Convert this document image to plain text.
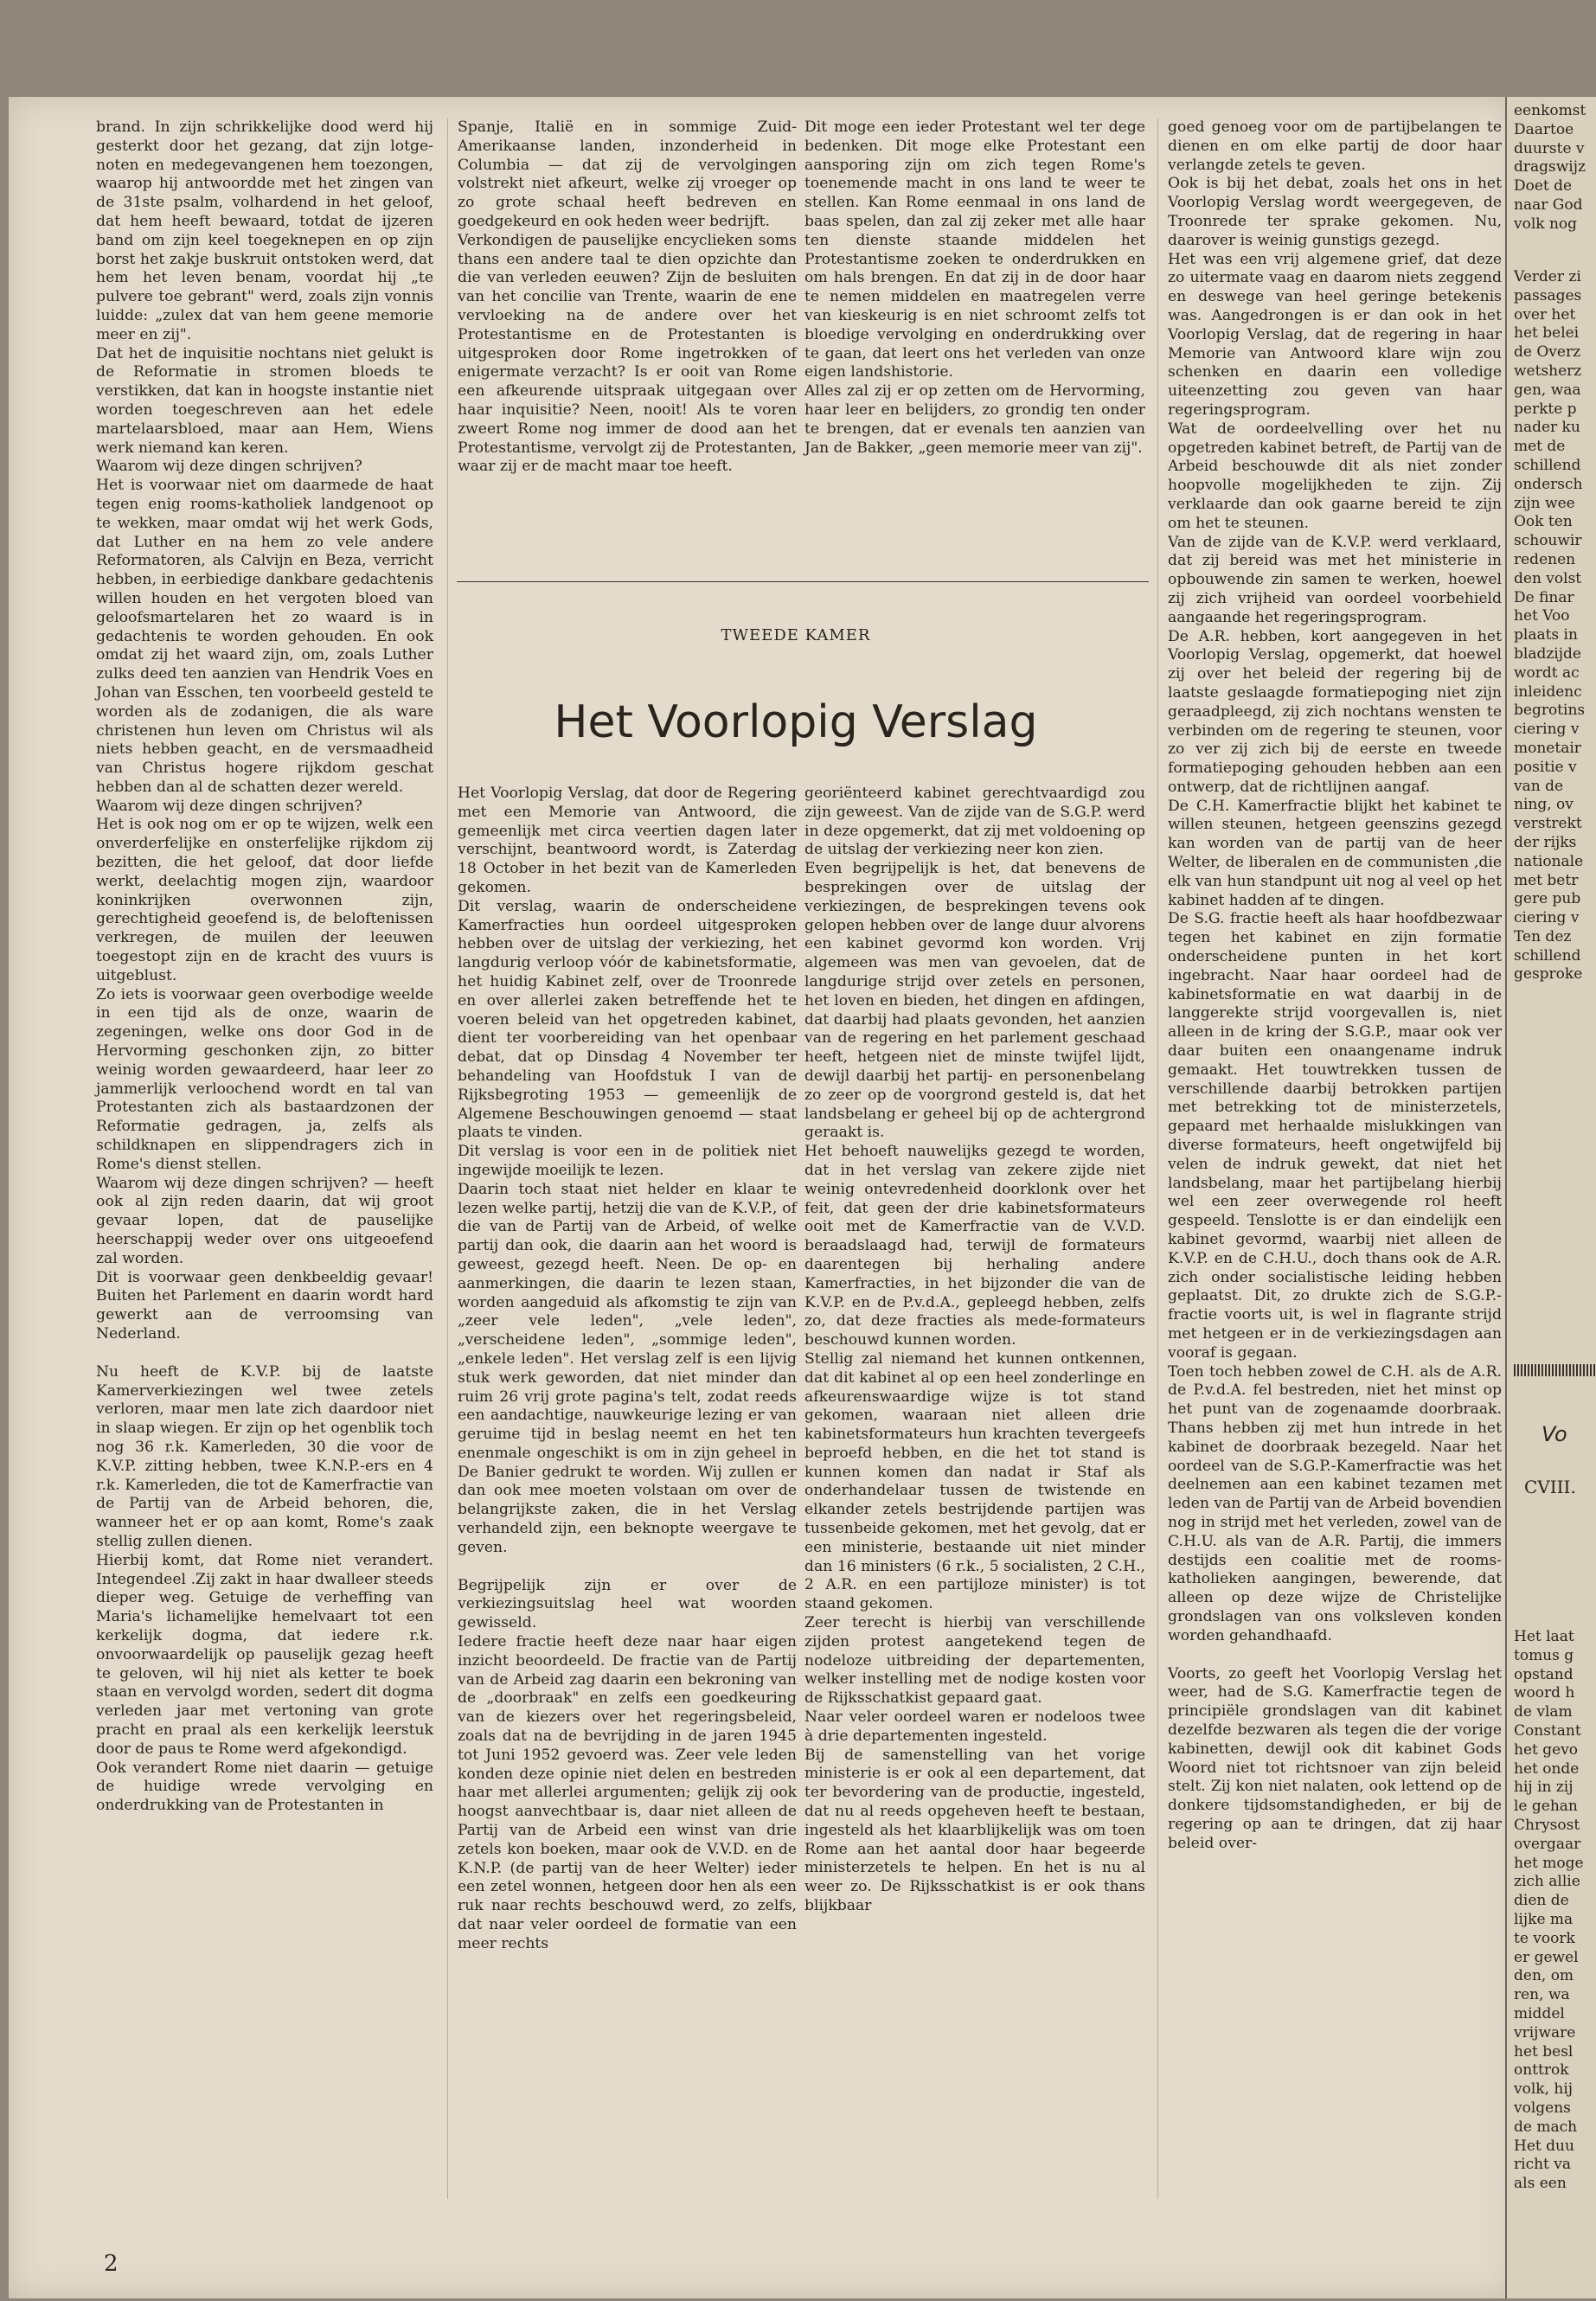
brand. In zijn schrikkelijke dood werd hij gesterkt door het gezang, dat zijn lotge-noten en medegevangenen hem toezongen, waarop hij antwoordde met het zingen van de 31ste psalm, volhardend in het geloof, dat hem heeft bewaard, totdat de ijzeren band om zijn keel toegeknepen en op zijn borst het zakje buskruit ontstoken werd, dat hem het leven benam, voordat hij „te pulvere toe gebrant" werd, zoals zijn vonnis luidde: „zulex dat van hem geene memorie meer en zij".

Dat het de inquisitie nochtans niet gelukt is de Reformatie in stromen bloeds te verstikken, dat kan in hoogste instantie niet worden toegeschreven aan het edele martelaarsbloed, maar aan Hem, Wiens werk niemand kan keren.

Waarom wij deze dingen schrijven?

Het is voorwaar niet om daarmede de haat tegen enig rooms-katholiek landgenoot op te wekken, maar omdat wij het werk Gods, dat Luther en na hem zo vele andere Reformatoren, als Calvijn en Beza, verricht hebben, in eerbiedige dankbare gedachtenis willen houden en het vergoten bloed van geloofsmartelaren het zo waard is in gedachtenis te worden gehouden. En ook omdat zij het waard zijn, om, zoals Luther zulks deed ten aanzien van Hendrik Voes en Johan van Esschen, ten voorbeeld gesteld te worden als de zodanigen, die als ware christenen hun leven om Christus wil als niets hebben geacht, en de versmaadheid van Christus hogere rijkdom geschat hebben dan al de schatten dezer wereld.

Waarom wij deze dingen schrijven?

Het is ook nog om er op te wijzen, welk een onverderfelijke en onsterfelijke rijkdom zij bezitten, die het geloof, dat door liefde werkt, deelachtig mogen zijn, waardoor koninkrijken overwonnen zijn, gerechtigheid geoefend is, de beloftenissen verkregen, de muilen der leeuwen toegestopt zijn en de kracht des vuurs is uitgeblust.

Zo iets is voorwaar geen overbodige weelde in een tijd als de onze, waarin de zegeningen, welke ons door God in de Hervorming geschonken zijn, zo bitter weinig worden gewaardeerd, haar leer zo jammerlijk verloochend wordt en tal van Protestanten zich als bastaardzonen der Reformatie gedragen, ja, zelfs als schildknapen en slippendragers zich in Rome's dienst stellen.

Waarom wij deze dingen schrijven? — heeft ook al zijn reden daarin, dat wij groot gevaar lopen, dat de pauselijke heerschappij weder over ons uitgeoefend zal worden.

Dit is voorwaar geen denkbeeldig gevaar! Buiten het Parlement en daarin wordt hard gewerkt aan de verroomsing van Nederland.

Nu heeft de K.V.P. bij de laatste Kamerverkiezingen wel twee zetels verloren, maar men late zich daardoor niet in slaap wiegen. Er zijn op het ogenblik toch nog 36 r.k. Kamerleden, 30 die voor de K.V.P. zitting hebben, twee K.N.P.-ers en 4 r.k. Kamerleden, die tot de Kamerfractie van de Partij van de Arbeid behoren, die, wanneer het er op aan komt, Rome's zaak stellig zullen dienen.

Hierbij komt, dat Rome niet verandert. Integendeel .Zij zakt in haar dwalleer steeds dieper weg. Getuige de verheffing van Maria's lichamelijke hemelvaart tot een kerkelijk dogma, dat iedere r.k. onvoorwaardelijk op pauselijk gezag heeft te geloven, wil hij niet als ketter te boek staan en vervolgd worden, sedert dit dogma verleden jaar met vertoning van grote pracht en praal als een kerkelijk leerstuk door de paus te Rome werd afgekondigd.

Ook verandert Rome niet daarin — getuige de huidige wrede vervolging en onderdrukking van de Protestanten in

Spanje, Italië en in sommige Zuid-Amerikaanse landen, inzonderheid in Columbia — dat zij de vervolgingen volstrekt niet afkeurt, welke zij vroeger op zo grote schaal heeft bedreven en goedgekeurd en ook heden weer bedrijft.

Verkondigen de pauselijke encyclieken soms thans een andere taal te dien opzichte dan die van verleden eeuwen? Zijn de besluiten van het concilie van Trente, waarin de ene vervloeking na de andere over het Protestantisme en de Protestanten is uitgesproken door Rome ingetrokken of enigermate verzacht? Is er ooit van Rome een afkeurende uitspraak uitgegaan over haar inquisitie? Neen, nooit! Als te voren zweert Rome nog immer de dood aan het Protestantisme, vervolgt zij de Protestanten, waar zij er de macht maar toe heeft.

Dit moge een ieder Protestant wel ter dege bedenken. Dit moge elke Protestant een aansporing zijn om zich tegen Rome's toenemende macht in ons land te weer te stellen. Kan Rome eenmaal in ons land de baas spelen, dan zal zij zeker met alle haar ten dienste staande middelen het Protestantisme zoeken te onderdrukken en om hals brengen. En dat zij in de door haar te nemen middelen en maatregelen verre van kieskeurig is en niet schroomt zelfs tot bloedige vervolging en onderdrukking over te gaan, dat leert ons het verleden van onze eigen landshistorie.

Alles zal zij er op zetten om de Hervorming, haar leer en belijders, zo grondig ten onder te brengen, dat er evenals ten aanzien van Jan de Bakker, „geen memorie meer van zij".

Het Voorlopig Verslag, dat door de Regering met een Memorie van Antwoord, die gemeenlijk met circa veertien dagen later verschijnt, beantwoord wordt, is Zaterdag 18 October in het bezit van de Kamerleden gekomen.

Dit verslag, waarin de onderscheidene Kamerfracties hun oordeel uitgesproken hebben over de uitslag der verkiezing, het langdurig verloop vóór de kabinetsformatie, het huidig Kabinet zelf, over de Troonrede en over allerlei zaken betreffende het te voeren beleid van het opgetreden kabinet, dient ter voorbereiding van het openbaar debat, dat op Dinsdag 4 November ter behandeling van Hoofdstuk I van de Rijksbegroting 1953 — gemeenlijk de Algemene Beschouwingen genoemd — staat plaats te vinden.

Dit verslag is voor een in de politiek niet ingewijde moeilijk te lezen.

Daarin toch staat niet helder en klaar te lezen welke partij, hetzij die van de K.V.P., of die van de Partij van de Arbeid, of welke partij dan ook, die daarin aan het woord is geweest, gezegd heeft. Neen. De op- en aanmerkingen, die daarin te lezen staan, worden aangeduid als afkomstig te zijn van „zeer vele leden", „vele leden", „verscheidene leden", „sommige leden", „enkele leden". Het verslag zelf is een lijvig stuk werk geworden, dat niet minder dan ruim 26 vrij grote pagina's telt, zodat reeds een aandachtige, nauwkeurige lezing er van geruime tijd in beslag neemt en het ten enenmale ongeschikt is om in zijn geheel in De Banier gedrukt te worden. Wij zullen er dan ook mee moeten volstaan om over de belangrijkste zaken, die in het Verslag verhandeld zijn, een beknopte weergave te geven.

Begrijpelijk zijn er over de verkiezingsuitslag heel wat woorden gewisseld.

Iedere fractie heeft deze naar haar eigen inzicht beoordeeld. De fractie van de Partij van de Arbeid zag daarin een bekroning van de „doorbraak" en zelfs een goedkeuring van de kiezers over het regeringsbeleid, zoals dat na de bevrijding in de jaren 1945 tot Juni 1952 gevoerd was. Zeer vele leden konden deze opinie niet delen en bestreden haar met allerlei argumenten; gelijk zij ook hoogst aanvechtbaar is, daar niet alleen de Partij van de Arbeid een winst van drie zetels kon boeken, maar ook de V.V.D. en de K.N.P. (de partij van de heer Welter) ieder een zetel wonnen, hetgeen door hen als een ruk naar rechts beschouwd werd, zo zelfs, dat naar veler oordeel de formatie van een meer rechts

georiënteerd kabinet gerechtvaardigd zou zijn geweest. Van de zijde van de S.G.P. werd in deze opgemerkt, dat zij met voldoening op de uitslag der verkiezing neer kon zien.

Even begrijpelijk is het, dat benevens de besprekingen over de uitslag der verkiezingen, de besprekingen tevens ook gelopen hebben over de lange duur alvorens een kabinet gevormd kon worden. Vrij algemeen was men van gevoelen, dat de langdurige strijd over zetels en personen, het loven en bieden, het dingen en afdingen, dat daarbij had plaats gevonden, het aanzien van de regering en het parlement geschaad heeft, hetgeen niet de minste twijfel lijdt, dewijl daarbij het partij- en personenbelang zo zeer op de voorgrond gesteld is, dat het landsbelang er geheel bij op de achtergrond geraakt is.

Het behoeft nauwelijks gezegd te worden, dat in het verslag van zekere zijde niet weinig ontevredenheid doorklonk over het feit, dat geen der drie kabinetsformateurs ooit met de Kamerfractie van de V.V.D. beraadslaagd had, terwijl de formateurs daarentegen bij herhaling andere Kamerfracties, in het bijzonder die van de K.V.P. en de P.v.d.A., gepleegd hebben, zelfs zo, dat deze fracties als mede-formateurs beschouwd kunnen worden.

Stellig zal niemand het kunnen ontkennen, dat dit kabinet al op een heel zonderlinge en afkeurenswaardige wijze is tot stand gekomen, waaraan niet alleen drie kabinetsformateurs hun krachten tevergeefs beproefd hebben, en die het tot stand is kunnen komen dan nadat ir Staf als onderhandelaar tussen de twistende en elkander zetels bestrijdende partijen was tussenbeide gekomen, met het gevolg, dat er een ministerie, bestaande uit niet minder dan 16 ministers (6 r.k., 5 socialisten, 2 C.H., 2 A.R. en een partijloze minister) is tot staand gekomen.

Zeer terecht is hierbij van verschillende zijden protest aangetekend tegen de nodeloze uitbreiding der departementen, welker instelling met de nodige kosten voor de Rijksschatkist gepaard gaat.

Naar veler oordeel waren er nodeloos twee à drie departementen ingesteld.

Bij de samenstelling van het vorige ministerie is er ook al een departement, dat ter bevordering van de productie, ingesteld, dat nu al reeds opgeheven heeft te bestaan, ingesteld als het klaarblijkelijk was om toen Rome aan het aantal door haar begeerde ministerzetels te helpen. En het is nu al weer zo. De Rijksschatkist is er ook thans blijkbaar

goed genoeg voor om de partijbelangen te dienen en om elke partij de door haar verlangde zetels te geven.

Ook is bij het debat, zoals het ons in het Voorlopig Verslag wordt weergegeven, de Troonrede ter sprake gekomen. Nu, daarover is weinig gunstigs gezegd.

Het was een vrij algemene grief, dat deze zo uitermate vaag en daarom niets zeggend en deswege van heel geringe betekenis was. Aangedrongen is er dan ook in het Voorlopig Verslag, dat de regering in haar Memorie van Antwoord klare wijn zou schenken en daarin een volledige uiteenzetting zou geven van haar regeringsprogram.

Wat de oordeelvelling over het nu opgetreden kabinet betreft, de Partij van de Arbeid beschouwde dit als niet zonder hoopvolle mogelijkheden te zijn. Zij verklaarde dan ook gaarne bereid te zijn om het te steunen.

Van de zijde van de K.V.P. werd verklaard, dat zij bereid was met het ministerie in opbouwende zin samen te werken, hoewel zij zich vrijheid van oordeel voorbehield aangaande het regeringsprogram.

De A.R. hebben, kort aangegeven in het Voorlopig Verslag, opgemerkt, dat hoewel zij over het beleid der regering bij de laatste geslaagde formatiepoging niet zijn geraadpleegd, zij zich nochtans wensten te verbinden om de regering te steunen, voor zo ver zij zich bij de eerste en tweede formatiepoging gehouden hebben aan een ontwerp, dat de richtlijnen aangaf.

De C.H. Kamerfractie blijkt het kabinet te willen steunen, hetgeen geenszins gezegd kan worden van de partij van de heer Welter, de liberalen en de communisten ,die elk van hun standpunt uit nog al veel op het kabinet hadden af te dingen.

De S.G. fractie heeft als haar hoofdbezwaar tegen het kabinet en zijn formatie onderscheidene punten in het kort ingebracht. Naar haar oordeel had de kabinetsformatie en wat daarbij in de langgerekte strijd voorgevallen is, niet alleen in de kring der S.G.P., maar ook ver daar buiten een onaangename indruk gemaakt. Het touwtrekken tussen de verschillende daarbij betrokken partijen met betrekking tot de ministerzetels, gepaard met herhaalde mislukkingen van diverse formateurs, heeft ongetwijfeld bij velen de indruk gewekt, dat niet het landsbelang, maar het partijbelang hierbij wel een zeer overwegende rol heeft gespeeld. Tenslotte is er dan eindelijk een kabinet gevormd, waarbij niet alleen de K.V.P. en de C.H.U., doch thans ook de A.R. zich onder socialistische leiding hebben geplaatst. Dit, zo drukte zich de S.G.P.-fractie voorts uit, is wel in flagrante strijd met hetgeen er in de verkiezingsdagen aan vooraf is gegaan.

Toen toch hebben zowel de C.H. als de A.R. de P.v.d.A. fel bestreden, niet het minst op het punt van de zogenaamde doorbraak. Thans hebben zij met hun intrede in het kabinet de doorbraak bezegeld. Naar het oordeel van de S.G.P.-Kamerfractie was het deelnemen aan een kabinet tezamen met leden van de Partij van de Arbeid bovendien nog in strijd met het verleden, zowel van de C.H.U. als van de A.R. Partij, die immers destijds een coalitie met de rooms-katholieken aangingen, bewerende, dat alleen op deze wijze de Christelijke grondslagen van ons volksleven konden worden gehandhaafd.

Voorts, zo geeft het Voorlopig Verslag het weer, had de S.G. Kamerfractie tegen de principiële grondslagen van dit kabinet dezelfde bezwaren als tegen die der vorige kabinetten, dewijl ook dit kabinet Gods Woord niet tot richtsnoer van zijn beleid stelt. Zij kon niet nalaten, ook lettend op de donkere tijdsomstandigheden, er bij de regering op aan te dringen, dat zij haar beleid over-

2
TWEEDE KAMER
Het Voorlopig Verslag
eenkomst
Daartoe
duurste v
dragswijz
Doet de
naar God
volk nog
Verder zi
passages
over het
het belei
de Overz
wetsherz
gen, waa
perkte p
nader ku
met de
schillend
ondersch
zijn wee
Ook ten
schouwir
redenen
den volst
De finar
het Voo
plaats in
bladzijde
wordt ac
inleidenc
begrotins
ciering v
monetair
positie v
van de
ning, ov
verstrekt
der rijks
nationale
met betr
gere pub
ciering v
Ten dez
schillend
gesproke
Vo
CVIII.
Het laat
tomus g
opstand
woord h
de vlam
Constant
het gevo
het onde
hij in zij
le gehan
Chrysost
overgaar
het moge
zich allie
dien de
lijke ma
te voork
er gewel
den, om
ren, wa
middel
vrijware
het besl
onttrok
volk, hij
volgens
de mach
Het duu
richt va
als een
